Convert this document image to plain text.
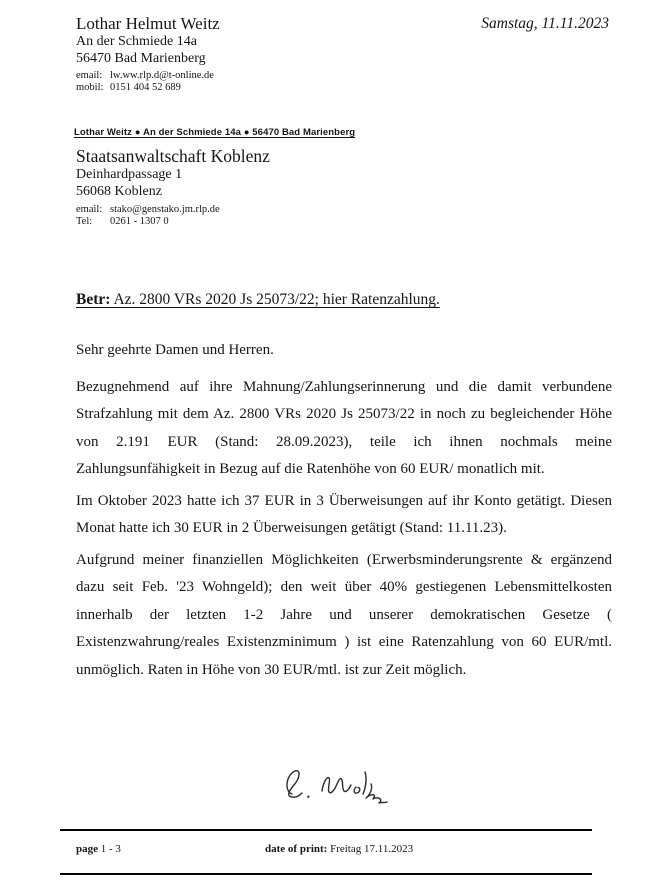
Lothar Helmut Weitz
An der Schmiede 14a
56470 Bad Marienberg
email: lw.ww.rlp.d@t-online.de
mobil: 0151 404 52 689
Samstag, 11.11.2023
Lothar Weitz ● An der Schmiede 14a ● 56470 Bad Marienberg
Staatsanwaltschaft Koblenz
Deinhardpassage 1
56068 Koblenz
email: stako@genstako.jm.rlp.de
Tel: 0261 - 1307 0
Betr: Az. 2800 VRs 2020 Js 25073/22; hier Ratenzahlung.

Sehr geehrte Damen und Herren.

Bezugnehmend auf ihre Mahnung/Zahlungserinnerung und die damit verbundene Strafzahlung mit dem Az. 2800 VRs 2020 Js 25073/22 in noch zu begleichender Höhe von 2.191 EUR (Stand: 28.09.2023), teile ich ihnen nochmals meine Zahlungsunfähigkeit in Bezug auf die Ratenhöhe von 60 EUR/ monatlich mit.

Im Oktober 2023 hatte ich 37 EUR in 3 Überweisungen auf ihr Konto getätigt. Diesen Monat hatte ich 30 EUR in 2 Überweisungen getätigt (Stand: 11.11.23).

Aufgrund meiner finanziellen Möglichkeiten (Erwerbsminderungsrente & ergänzend dazu seit Feb. '23 Wohngeld); den weit über 40% gestiegenen Lebensmittelkosten innerhalb der letzten 1-2 Jahre und unserer demokratischen Gesetze ( Existenzwahrung/reales Existenzminimum ) ist eine Ratenzahlung von 60 EUR/mtl. unmöglich. Raten in Höhe von 30 EUR/mtl. ist zur Zeit möglich.

page 1 - 3	date of print: Freitag 17.11.2023
